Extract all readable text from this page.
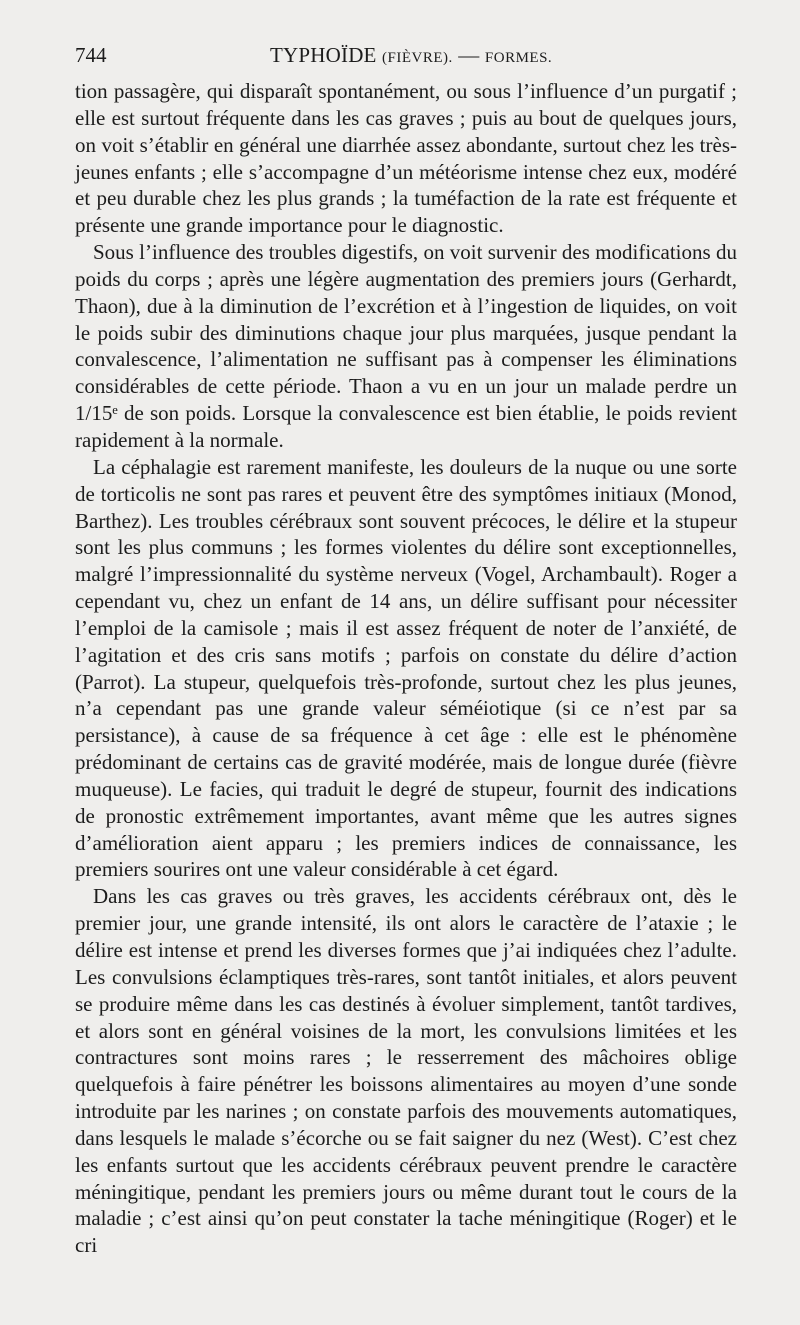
744	TYPHOÏDE (FIÈVRE). — FORMES.

tion passagère, qui disparaît spontanément, ou sous l’influence d’un purgatif ; elle est surtout fréquente dans les cas graves ; puis au bout de quelques jours, on voit s’établir en général une diarrhée assez abondante, surtout chez les très-jeunes enfants ; elle s’accompagne d’un météorisme intense chez eux, modéré et peu durable chez les plus grands ; la tuméfaction de la rate est fréquente et présente une grande importance pour le diagnostic.

Sous l’influence des troubles digestifs, on voit survenir des modifications du poids du corps ; après une légère augmentation des premiers jours (Gerhardt, Thaon), due à la diminution de l’excrétion et à l’ingestion de liquides, on voit le poids subir des diminutions chaque jour plus marquées, jusque pendant la convalescence, l’alimentation ne suffisant pas à compenser les éliminations considérables de cette période. Thaon a vu en un jour un malade perdre un 1/15ᵉ de son poids. Lorsque la convalescence est bien établie, le poids revient rapidement à la normale.

La céphalagie est rarement manifeste, les douleurs de la nuque ou une sorte de torticolis ne sont pas rares et peuvent être des symptômes initiaux (Monod, Barthez). Les troubles cérébraux sont souvent précoces, le délire et la stupeur sont les plus communs ; les formes violentes du délire sont exceptionnelles, malgré l’impressionnalité du système nerveux (Vogel, Archambault). Roger a cependant vu, chez un enfant de 14 ans, un délire suffisant pour nécessiter l’emploi de la camisole ; mais il est assez fréquent de noter de l’anxiété, de l’agitation et des cris sans motifs ; parfois on constate du délire d’action (Parrot). La stupeur, quelquefois très-profonde, surtout chez les plus jeunes, n’a cependant pas une grande valeur séméiotique (si ce n’est par sa persistance), à cause de sa fréquence à cet âge : elle est le phénomène prédominant de certains cas de gravité modérée, mais de longue durée (fièvre muqueuse). Le facies, qui traduit le degré de stupeur, fournit des indications de pronostic extrêmement importantes, avant même que les autres signes d’amélioration aient apparu ; les premiers indices de connaissance, les premiers sourires ont une valeur considérable à cet égard.

Dans les cas graves ou très graves, les accidents cérébraux ont, dès le premier jour, une grande intensité, ils ont alors le caractère de l’ataxie ; le délire est intense et prend les diverses formes que j’ai indiquées chez l’adulte. Les convulsions éclamptiques très-rares, sont tantôt initiales, et alors peuvent se produire même dans les cas destinés à évoluer simplement, tantôt tardives, et alors sont en général voisines de la mort, les convulsions limitées et les contractures sont moins rares ; le resserrement des mâchoires oblige quelquefois à faire pénétrer les boissons alimentaires au moyen d’une sonde introduite par les narines ; on constate parfois des mouvements automatiques, dans lesquels le malade s’écorche ou se fait saigner du nez (West). C’est chez les enfants surtout que les accidents cérébraux peuvent prendre le caractère méningitique, pendant les premiers jours ou même durant tout le cours de la maladie ; c’est ainsi qu’on peut constater la tache méningitique (Roger) et le cri
